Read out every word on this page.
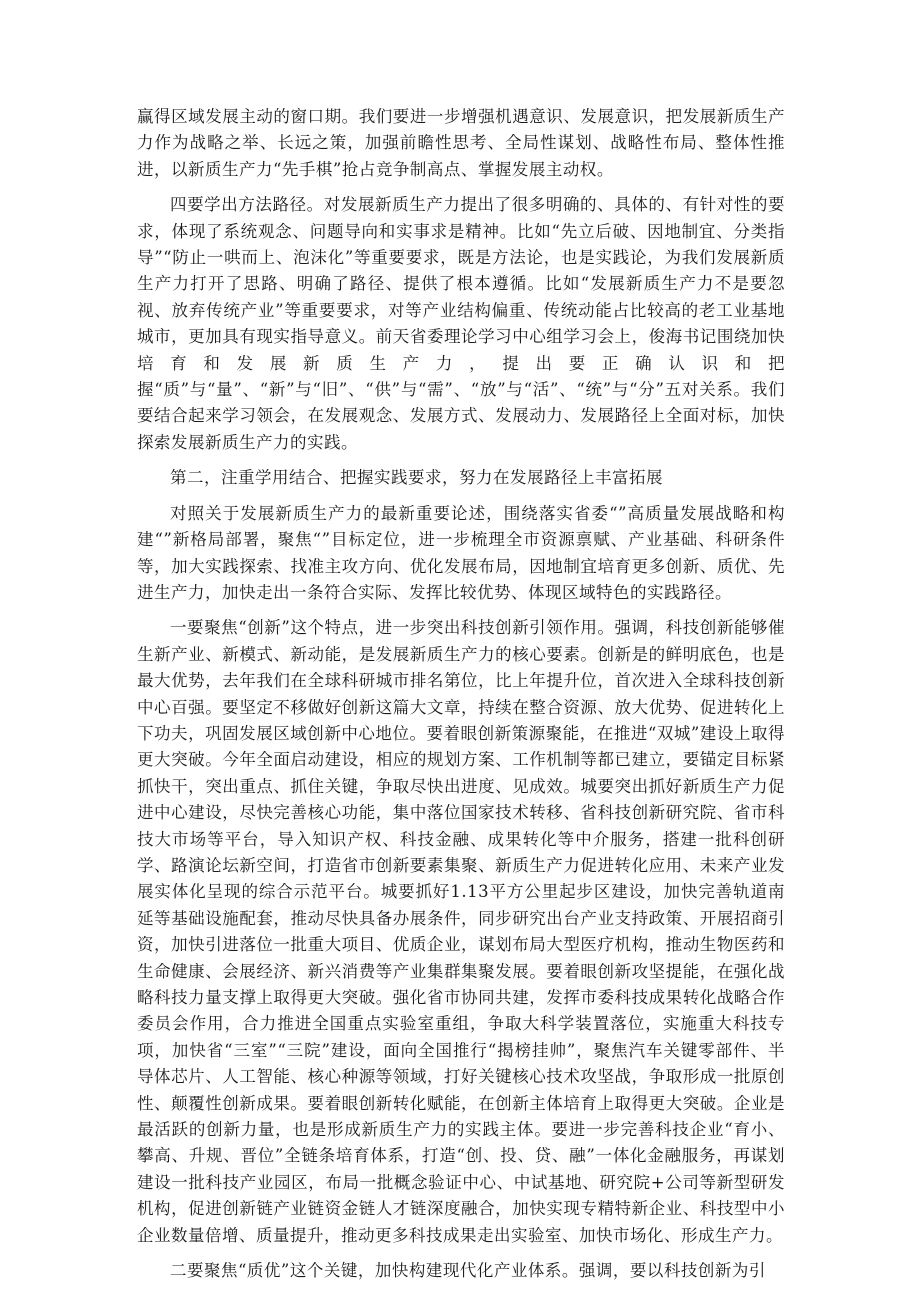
赢得区域发展主动的窗口期。我们要进一步增强机遇意识、发展意识，把发展新质生产力作为战略之举、长远之策，加强前瞻性思考、全局性谋划、战略性布局、整体性推进，以新质生产力“先手棋”抢占竞争制高点、掌握发展主动权。

四要学出方法路径。对发展新质生产力提出了很多明确的、具体的、有针对性的要求，体现了系统观念、问题导向和实事求是精神。比如“先立后破、因地制宜、分类指导”“防止一哄而上、泡沫化”等重要要求，既是方法论，也是实践论，为我们发展新质生产力打开了思路、明确了路径、提供了根本遵循。比如“发展新质生产力不是要忽视、放弃传统产业”等重要要求，对等产业结构偏重、传统动能占比较高的老工业基地城市，更加具有现实指导意义。前天省委理论学习中心组学习会上，俊海书记围绕加快培育和发展新质生产力，提出要正确认识和把握“质”与“量”、“新”与“旧”、“供”与“需”、“放”与“活”、“统”与“分”五对关系。我们要结合起来学习领会，在发展观念、发展方式、发展动力、发展路径上全面对标，加快探索发展新质生产力的实践。

第二，注重学用结合、把握实践要求，努力在发展路径上丰富拓展

对照关于发展新质生产力的最新重要论述，围绕落实省委“”高质量发展战略和构建“”新格局部署，聚焦“”目标定位，进一步梳理全市资源禀赋、产业基础、科研条件等，加大实践探索、找准主攻方向、优化发展布局，因地制宜培育更多创新、质优、先进生产力，加快走出一条符合实际、发挥比较优势、体现区域特色的实践路径。

一要聚焦“创新”这个特点，进一步突出科技创新引领作用。强调，科技创新能够催生新产业、新模式、新动能，是发展新质生产力的核心要素。创新是的鲜明底色，也是最大优势，去年我们在全球科研城市排名第位，比上年提升位，首次进入全球科技创新中心百强。要坚定不移做好创新这篇大文章，持续在整合资源、放大优势、促进转化上下功夫，巩固发展区域创新中心地位。要着眼创新策源聚能，在推进“双城”建设上取得更大突破。今年全面启动建设，相应的规划方案、工作机制等都已建立，要锚定目标紧抓快干，突出重点、抓住关键，争取尽快出进度、见成效。城要突出抓好新质生产力促进中心建设，尽快完善核心功能，集中落位国家技术转移、省科技创新研究院、省市科技大市场等平台，导入知识产权、科技金融、成果转化等中介服务，搭建一批科创研学、路演论坛新空间，打造省市创新要素集聚、新质生产力促进转化应用、未来产业发展实体化呈现的综合示范平台。城要抓好1.13平方公里起步区建设，加快完善轨道南延等基础设施配套，推动尽快具备办展条件，同步研究出台产业支持政策、开展招商引资，加快引进落位一批重大项目、优质企业，谋划布局大型医疗机构，推动生物医药和生命健康、会展经济、新兴消费等产业集群集聚发展。要着眼创新攻坚提能，在强化战略科技力量支撑上取得更大突破。强化省市协同共建，发挥市委科技成果转化战略合作委员会作用，合力推进全国重点实验室重组，争取大科学装置落位，实施重大科技专项，加快省“三室”“三院”建设，面向全国推行“揭榜挂帅”，聚焦汽车关键零部件、半导体芯片、人工智能、核心种源等领域，打好关键核心技术攻坚战，争取形成一批原创性、颠覆性创新成果。要着眼创新转化赋能，在创新主体培育上取得更大突破。企业是最活跃的创新力量，也是形成新质生产力的实践主体。要进一步完善科技企业“育小、攀高、升规、晋位”全链条培育体系，打造“创、投、贷、融”一体化金融服务，再谋划建设一批科技产业园区，布局一批概念验证中心、中试基地、研究院+公司等新型研发机构，促进创新链产业链资金链人才链深度融合，加快实现专精特新企业、科技型中小企业数量倍增、质量提升，推动更多科技成果走出实验室、加快市场化、形成生产力。

二要聚焦“质优”这个关键，加快构建现代化产业体系。强调，要以科技创新为引
